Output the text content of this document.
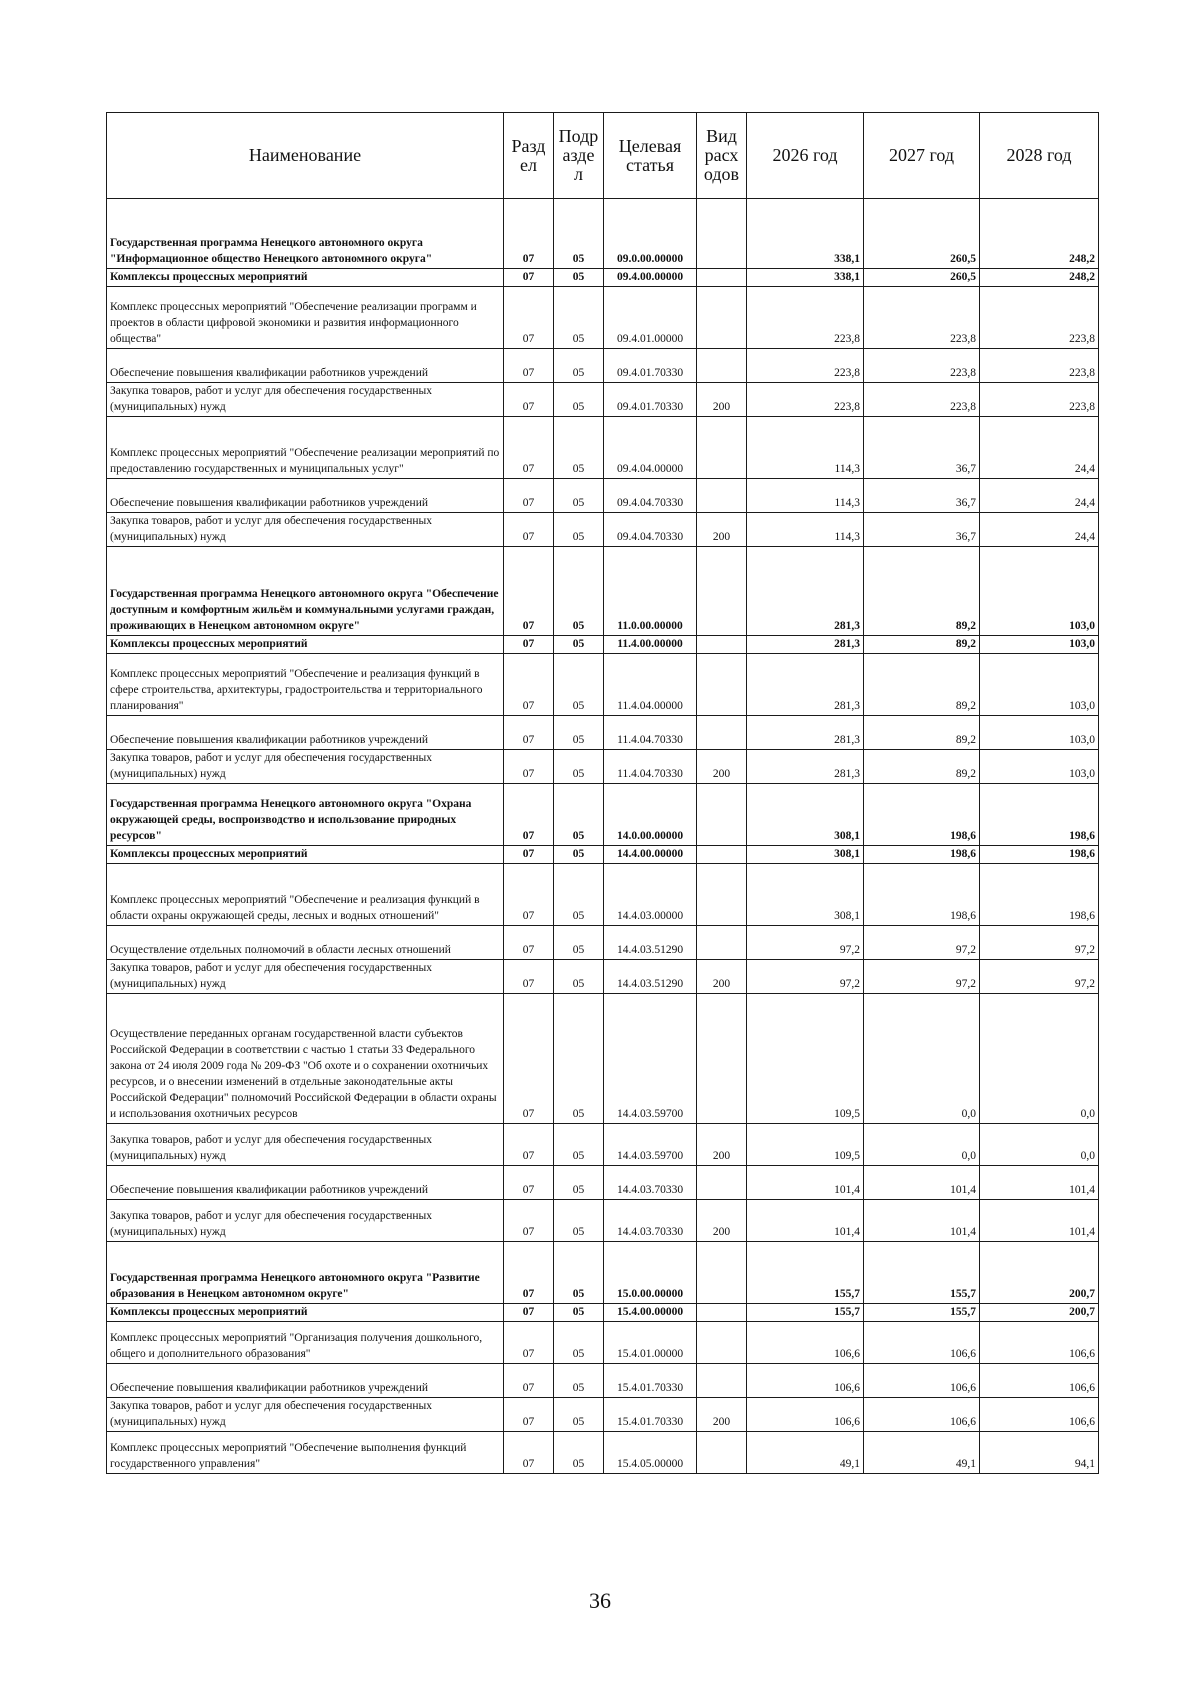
Наименование	Разд ел	Подр азде л	Целевая статья	Вид расх одов	2026 год	2027 год	2028 год
Государственная программа Ненецкого автономного округа "Информационное общество Ненецкого автономного округа"	07	05	09.0.00.00000		338,1	260,5	248,2
Комплексы процессных мероприятий	07	05	09.4.00.00000		338,1	260,5	248,2
Комплекс процессных мероприятий "Обеспечение реализации программ и проектов в области цифровой экономики и развития информационного общества"	07	05	09.4.01.00000		223,8	223,8	223,8
Обеспечение повышения квалификации работников учреждений	07	05	09.4.01.70330		223,8	223,8	223,8
Закупка товаров, работ и услуг для обеспечения государственных (муниципальных) нужд	07	05	09.4.01.70330	200	223,8	223,8	223,8
Комплекс процессных мероприятий "Обеспечение реализации мероприятий по предоставлению государственных и муниципальных услуг"	07	05	09.4.04.00000		114,3	36,7	24,4
Обеспечение повышения квалификации работников учреждений	07	05	09.4.04.70330		114,3	36,7	24,4
Закупка товаров, работ и услуг для обеспечения государственных (муниципальных) нужд	07	05	09.4.04.70330	200	114,3	36,7	24,4
Государственная программа Ненецкого автономного округа "Обеспечение доступным и комфортным жильём и коммунальными услугами граждан, проживающих в Ненецком автономном округе"	07	05	11.0.00.00000		281,3	89,2	103,0
Комплексы процессных мероприятий	07	05	11.4.00.00000		281,3	89,2	103,0
Комплекс процессных мероприятий "Обеспечение и реализация функций в сфере строительства, архитектуры, градостроительства и территориального планирования"	07	05	11.4.04.00000		281,3	89,2	103,0
Обеспечение повышения квалификации работников учреждений	07	05	11.4.04.70330		281,3	89,2	103,0
Закупка товаров, работ и услуг для обеспечения государственных (муниципальных) нужд	07	05	11.4.04.70330	200	281,3	89,2	103,0
Государственная программа Ненецкого автономного округа "Охрана окружающей среды, воспроизводство и использование природных ресурсов"	07	05	14.0.00.00000		308,1	198,6	198,6
Комплексы процессных мероприятий	07	05	14.4.00.00000		308,1	198,6	198,6
Комплекс процессных мероприятий "Обеспечение и реализация функций в области охраны окружающей среды, лесных и водных отношений"	07	05	14.4.03.00000		308,1	198,6	198,6
Осуществление отдельных полномочий в области лесных отношений	07	05	14.4.03.51290		97,2	97,2	97,2
Закупка товаров, работ и услуг для обеспечения государственных (муниципальных) нужд	07	05	14.4.03.51290	200	97,2	97,2	97,2
Осуществление переданных органам государственной власти субъектов Российской Федерации в соответствии с частью 1 статьи 33 Федерального закона от 24 июля 2009 года № 209-ФЗ "Об охоте и о сохранении охотничьих ресурсов, и о внесении изменений в отдельные законодательные акты Российской Федерации" полномочий Российской Федерации в области охраны и использования охотничьих ресурсов	07	05	14.4.03.59700		109,5	0,0	0,0
Закупка товаров, работ и услуг для обеспечения государственных (муниципальных) нужд	07	05	14.4.03.59700	200	109,5	0,0	0,0
Обеспечение повышения квалификации работников учреждений	07	05	14.4.03.70330		101,4	101,4	101,4
Закупка товаров, работ и услуг для обеспечения государственных (муниципальных) нужд	07	05	14.4.03.70330	200	101,4	101,4	101,4
Государственная программа Ненецкого автономного округа "Развитие образования в Ненецком автономном округе"	07	05	15.0.00.00000		155,7	155,7	200,7
Комплексы процессных мероприятий	07	05	15.4.00.00000		155,7	155,7	200,7
Комплекс процессных мероприятий "Организация получения дошкольного, общего и дополнительного образования"	07	05	15.4.01.00000		106,6	106,6	106,6
Обеспечение повышения квалификации работников учреждений	07	05	15.4.01.70330		106,6	106,6	106,6
Закупка товаров, работ и услуг для обеспечения государственных (муниципальных) нужд	07	05	15.4.01.70330	200	106,6	106,6	106,6
Комплекс процессных мероприятий "Обеспечение выполнения функций государственного управления"	07	05	15.4.05.00000		49,1	49,1	94,1
36
